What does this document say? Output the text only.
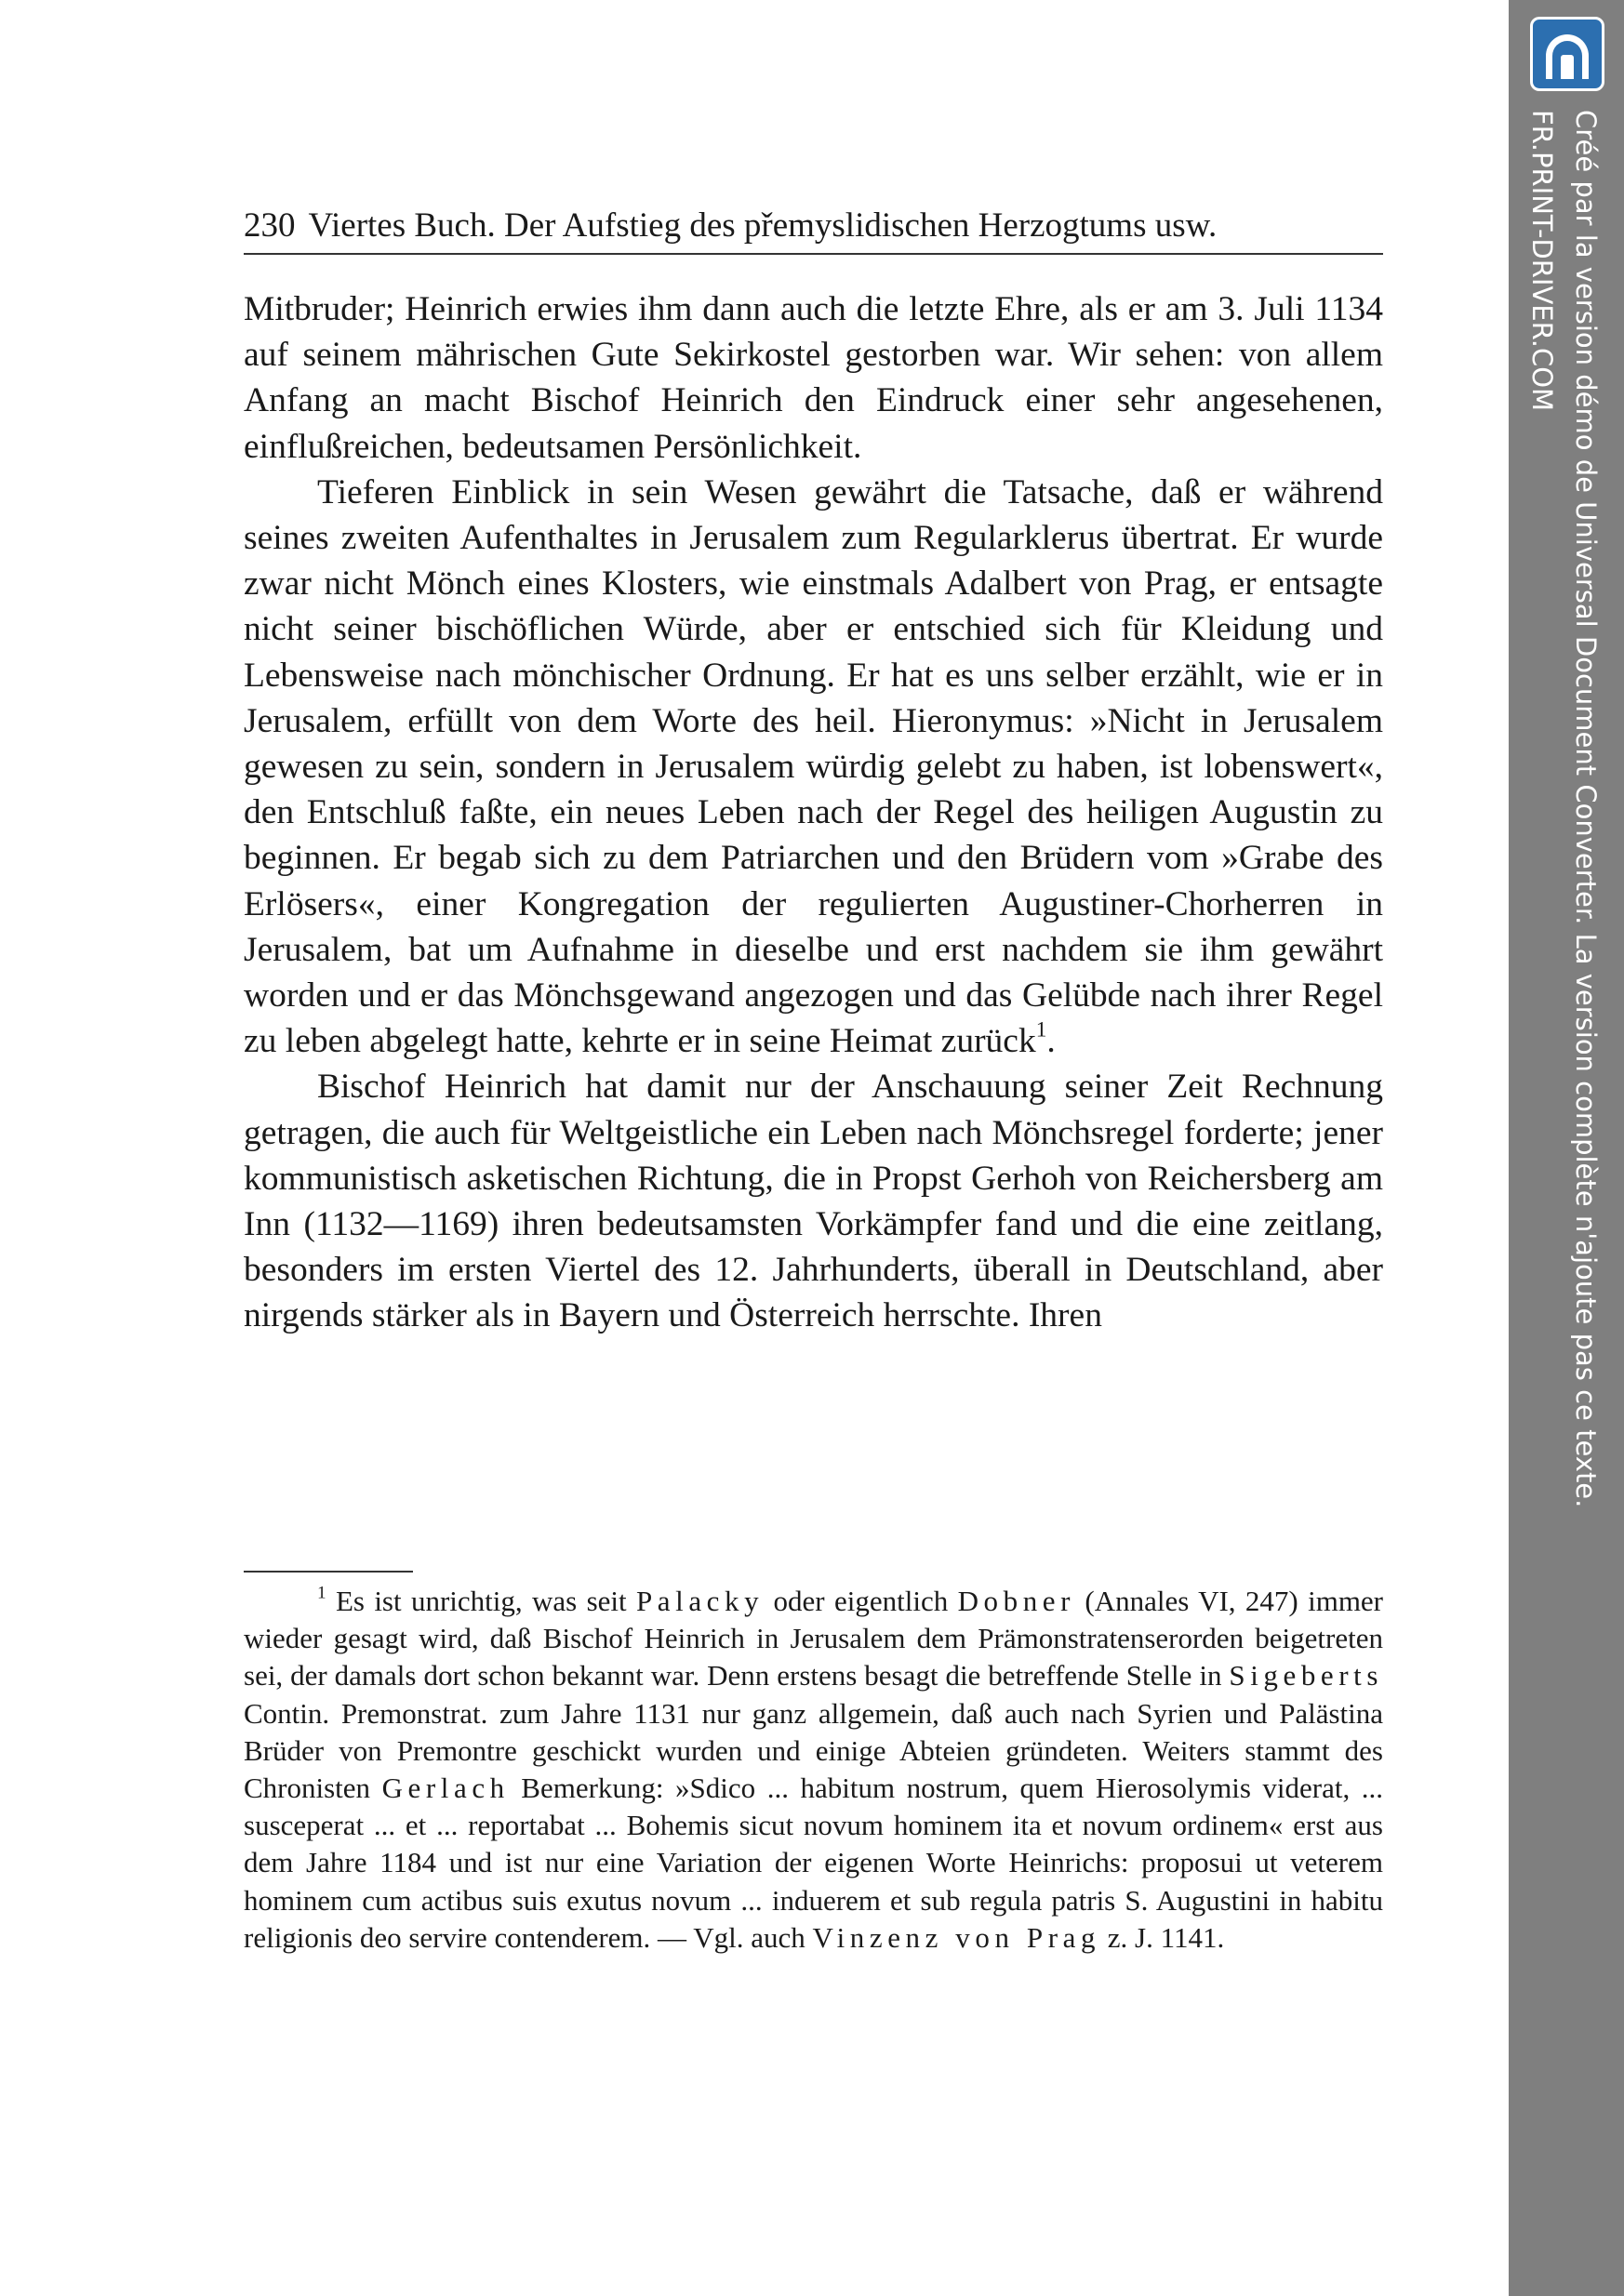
230 Viertes Buch. Der Aufstieg des přemyslidischen Herzogtums usw.

Mitbruder; Heinrich erwies ihm dann auch die letzte Ehre, als er am 3. Juli 1134 auf seinem mährischen Gute Sekirkostel gestorben war. Wir sehen: von allem Anfang an macht Bischof Heinrich den Eindruck einer sehr angesehenen, einflußreichen, bedeutsamen Persönlichkeit.

Tieferen Einblick in sein Wesen gewährt die Tatsache, daß er während seines zweiten Aufenthaltes in Jerusalem zum Regularklerus übertrat. Er wurde zwar nicht Mönch eines Klosters, wie einstmals Adalbert von Prag, er entsagte nicht seiner bischöflichen Würde, aber er entschied sich für Kleidung und Lebensweise nach mönchischer Ordnung. Er hat es uns selber erzählt, wie er in Jerusalem, erfüllt von dem Worte des heil. Hieronymus: »Nicht in Jerusalem gewesen zu sein, sondern in Jerusalem würdig gelebt zu haben, ist lobenswert«, den Entschluß faßte, ein neues Leben nach der Regel des heiligen Augustin zu beginnen. Er begab sich zu dem Patriarchen und den Brüdern vom »Grabe des Erlösers«, einer Kongregation der regulierten Augustiner-Chorherren in Jerusalem, bat um Aufnahme in dieselbe und erst nachdem sie ihm gewährt worden und er das Mönchsgewand angezogen und das Gelübde nach ihrer Regel zu leben abgelegt hatte, kehrte er in seine Heimat zurück$^1$.

Bischof Heinrich hat damit nur der Anschauung seiner Zeit Rechnung getragen, die auch für Weltgeistliche ein Leben nach Mönchsregel forderte; jener kommunistisch asketischen Richtung, die in Propst Gerhoh von Reichersberg am Inn (1132—1169) ihren bedeutsamsten Vorkämpfer fand und die eine zeitlang, besonders im ersten Viertel des 12. Jahrhunderts, überall in Deutschland, aber nirgends stärker als in Bayern und Österreich herrschte. Ihren

$^1$ Es ist unrichtig, was seit Palacky oder eigentlich Dobner (Annales VI, 247) immer wieder gesagt wird, daß Bischof Heinrich in Jerusalem dem Prämonstratenserorden beigetreten sei, der damals dort schon bekannt war. Denn erstens besagt die betreffende Stelle in Sigeberts Contin. Premonstrat. zum Jahre 1131 nur ganz allgemein, daß auch nach Syrien und Palästina Brüder von Premontre geschickt wurden und einige Abteien gründeten. Weiters stammt des Chronisten Gerlach Bemerkung: »Sdico ... habitum nostrum, quem Hierosolymis viderat, ... susceperat ... et ... reportabat ... Bohemis sicut novum hominem ita et novum ordinem« erst aus dem Jahre 1184 und ist nur eine Variation der eigenen Worte Heinrichs: proposui ut veterem hominem cum actibus suis exutus novum ... induerem et sub regula patris S. Augustini in habitu religionis deo servire contenderem. — Vgl. auch Vinzenz von Prag z. J. 1141.

Créé par la version démo de Universal Document Converter. La version complète n'ajoute pas ce texte.
FR.PRINT-DRIVER.COM
